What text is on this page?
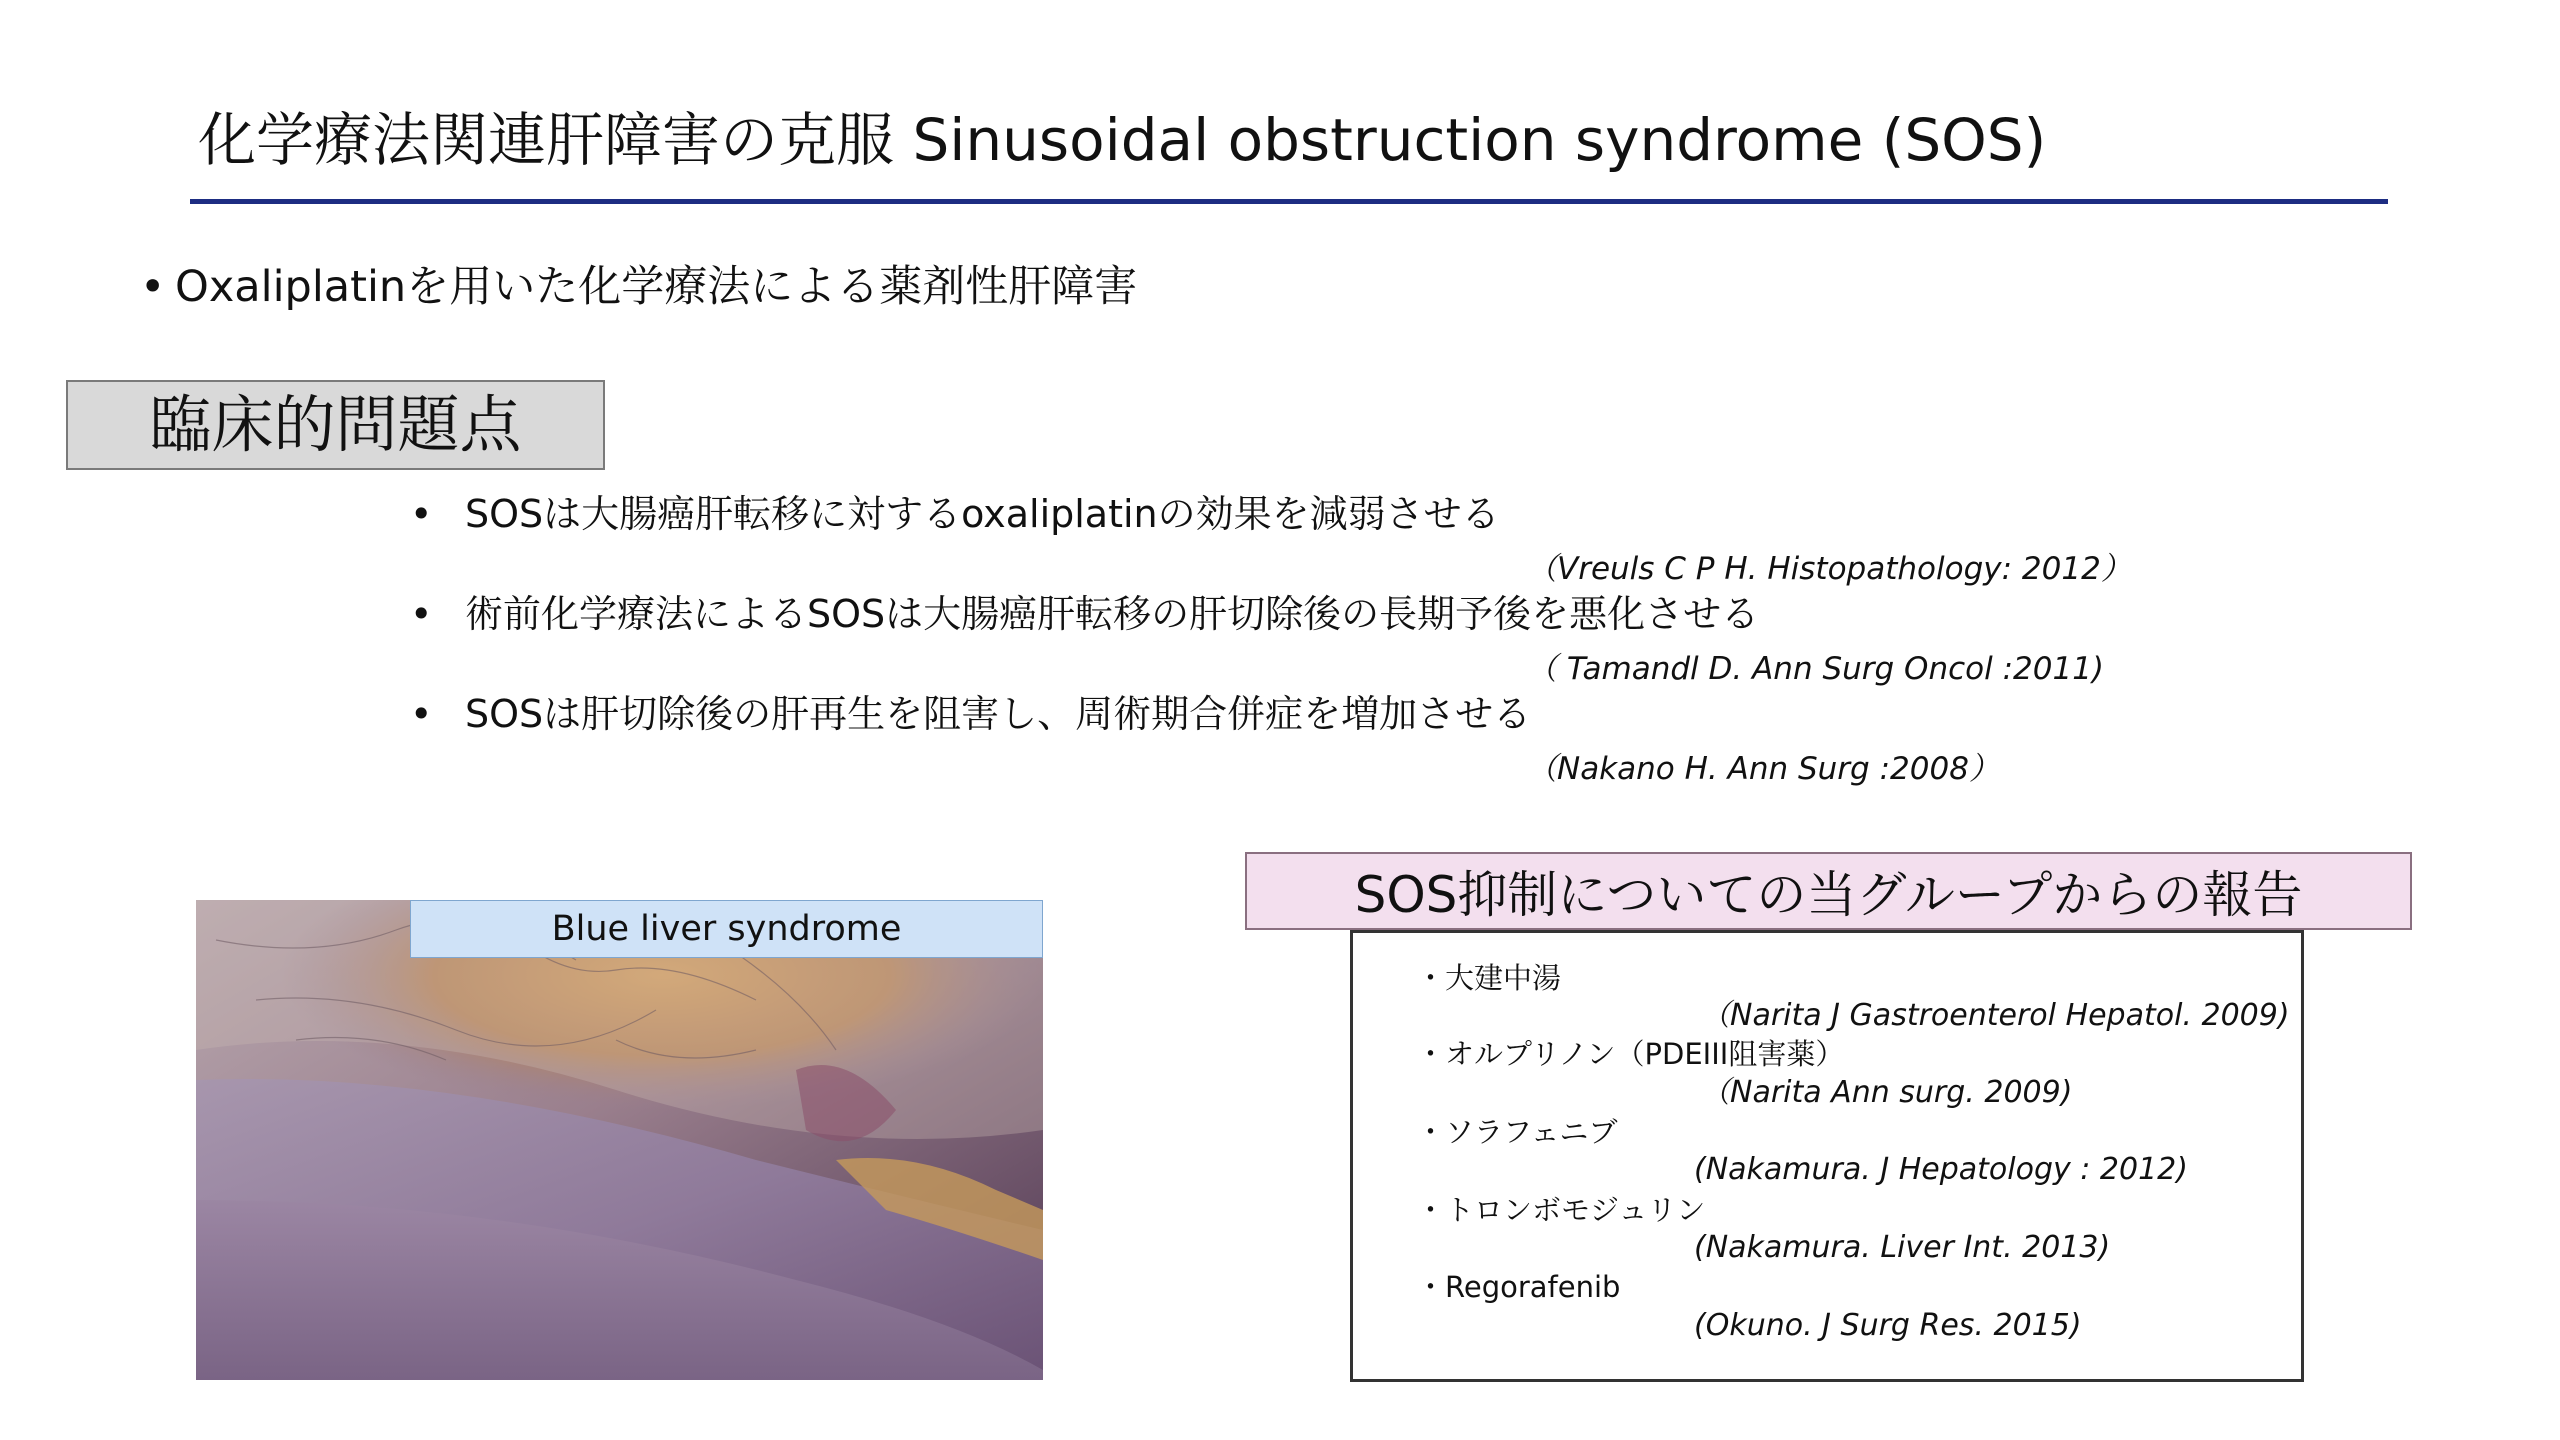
化学療法関連肝障害の克服 Sinusoidal obstruction syndrome (SOS)
• Oxaliplatinを用いた化学療法による薬剤性肝障害
臨床的問題点
• SOSは大腸癌肝転移に対するoxaliplatinの効果を減弱させる
（Vreuls C P H. Histopathology: 2012）
• 術前化学療法によるSOSは大腸癌肝転移の肝切除後の長期予後を悪化させる
（ Tamandl D. Ann Surg Oncol :2011)
• SOSは肝切除後の肝再生を阻害し、周術期合併症を増加させる
（Nakano H. Ann Surg :2008）
Blue liver syndrome
SOS抑制についての当グループからの報告
・大建中湯
（Narita J Gastroenterol Hepatol. 2009)
・オルプリノン（PDEIII阻害薬）
（Narita Ann surg. 2009)
・ソラフェニブ
(Nakamura. J Hepatology : 2012)
・トロンボモジュリン
(Nakamura. Liver Int. 2013)
・Regorafenib
(Okuno. J Surg Res. 2015)
